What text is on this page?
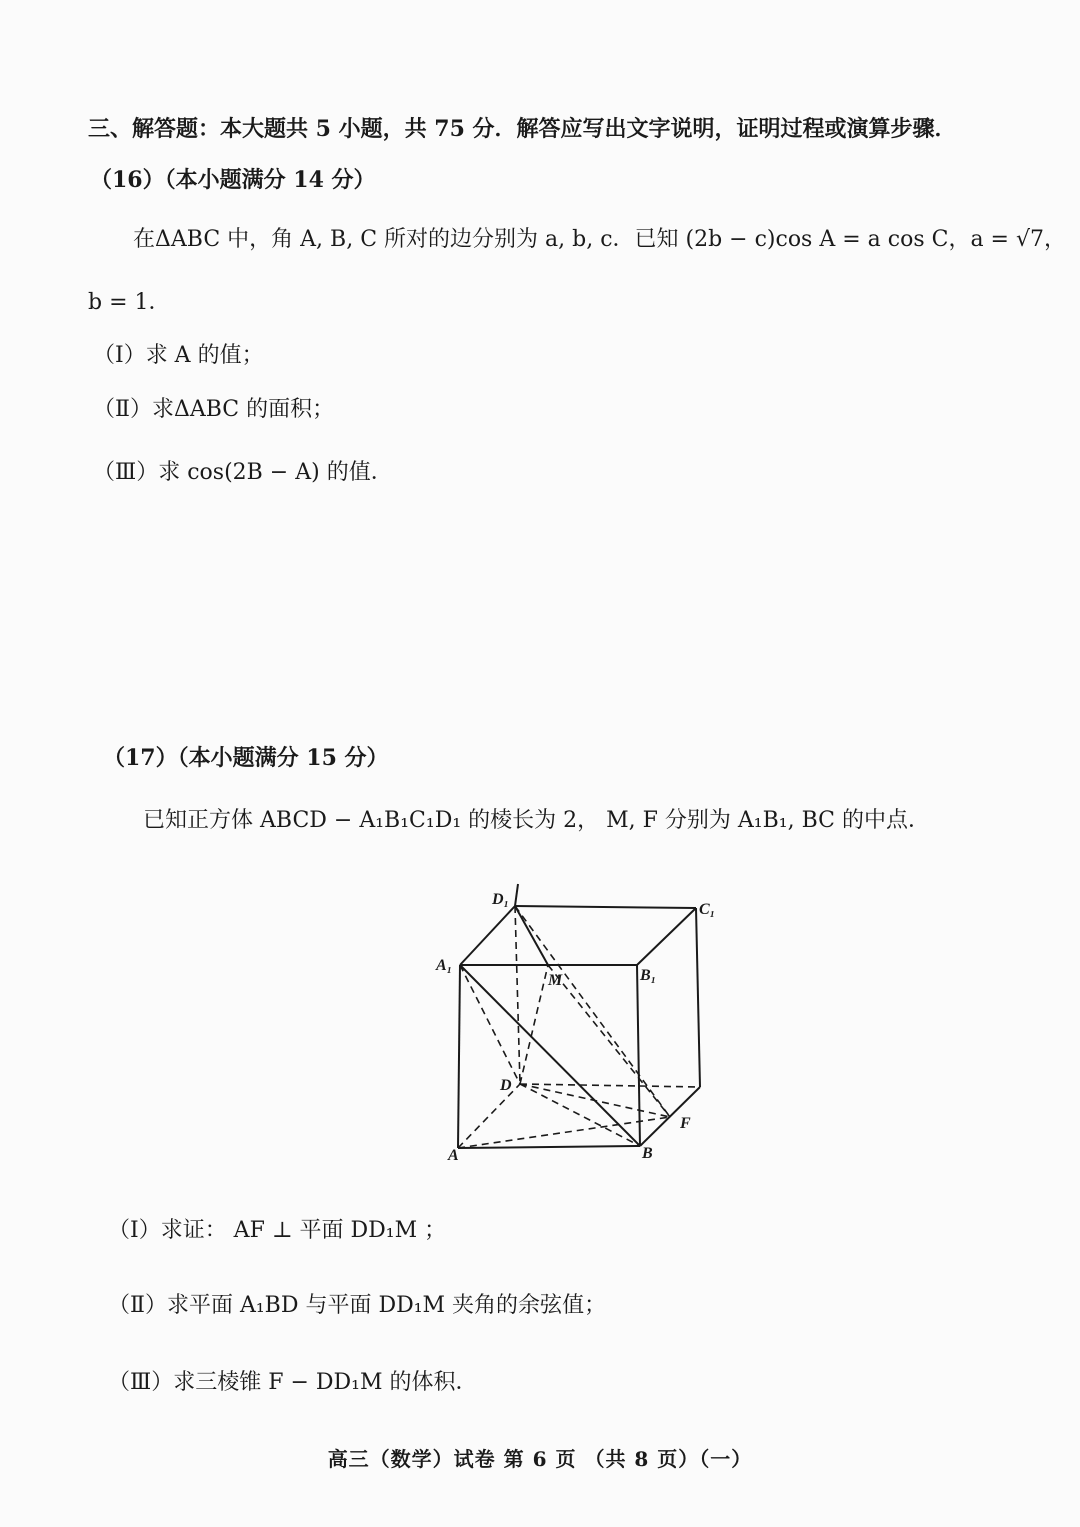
三、解答题：本大题共 5 小题，共 75 分．解答应写出文字说明，证明过程或演算步骤．
（16）（本小题满分 14 分）
在ΔABC 中，角 A, B, C 所对的边分别为 a, b, c．已知 (2b − c)cos A = a cos C，a = √7，
b = 1．
（Ⅰ）求 A 的值；
（Ⅱ）求ΔABC 的面积；
（Ⅲ）求 cos(2B − A) 的值．
（17）（本小题满分 15 分）
已知正方体 ABCD − A₁B₁C₁D₁ 的棱长为 2， M, F 分别为 A₁B₁, BC 的中点．
D₁
C₁
A₁
B₁
M
D
A	B
F
（Ⅰ）求证： AF ⊥ 平面 DD₁M ；
（Ⅱ）求平面 A₁BD 与平面 DD₁M 夹角的余弦值；
（Ⅲ）求三棱锥 F − DD₁M 的体积．
高三（数学）试卷 第 6 页 （共 8 页）（一）
